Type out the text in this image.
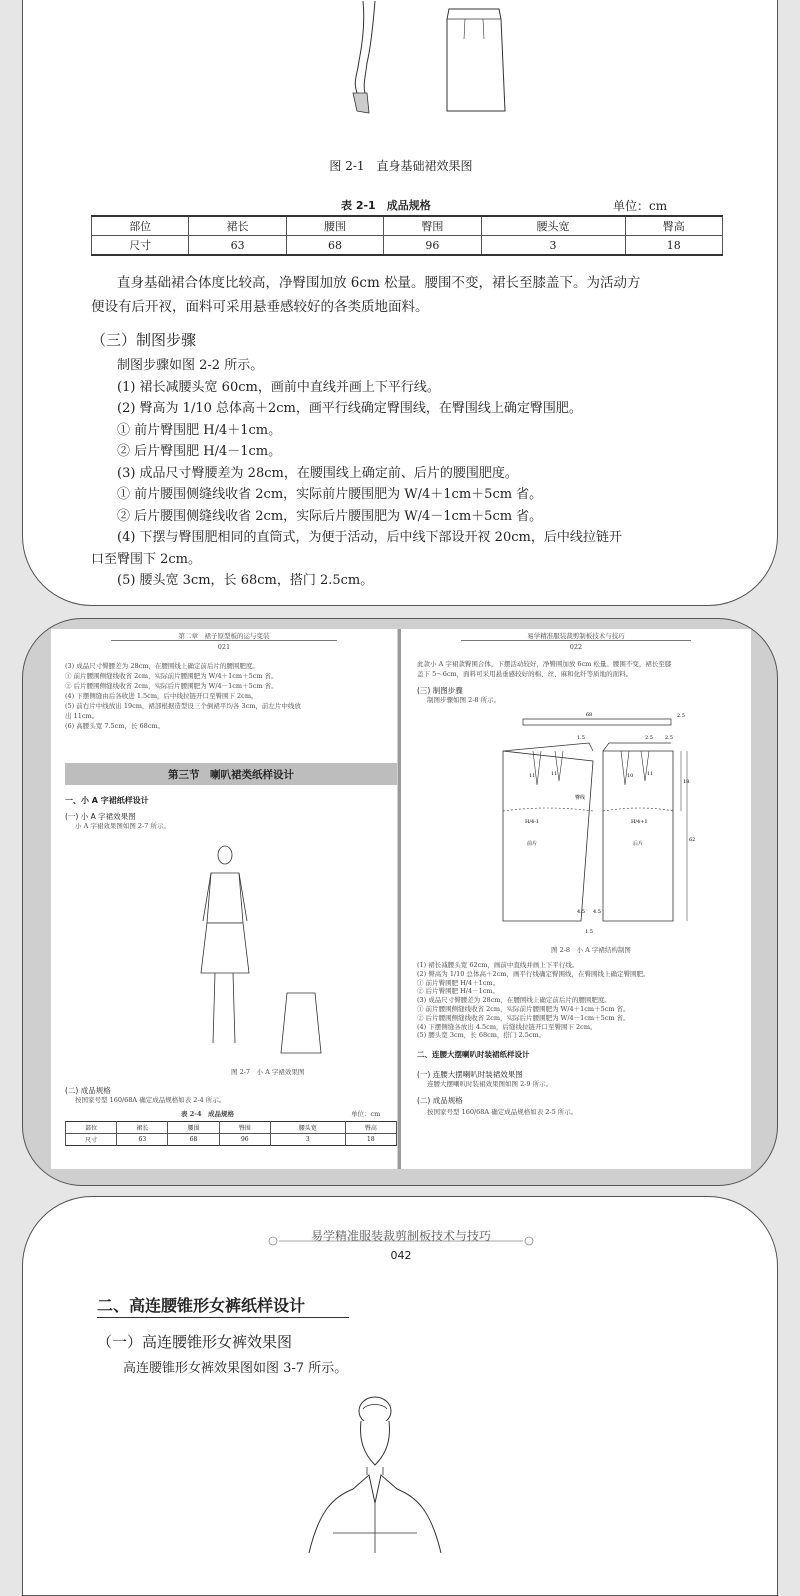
图 2-1　直身基础裙效果图
表 2-1　成品规格	单位：cm
部位	裙长	腰围	臀围	腰头宽	臀高
尺寸	63	68	96	3	18
直身基础裙合体度比较高，净臀围加放 6cm 松量。腰围不变，裙长至膝盖下。为活动方
便设有后开衩，面料可采用悬垂感较好的各类质地面料。
（三）制图步骤
制图步骤如图 2-2 所示。
(1) 裙长减腰头宽 60cm，画前中直线并画上下平行线。
(2) 臀高为 1/10 总体高＋2cm，画平行线确定臀围线，在臀围线上确定臀围肥。
① 前片臀围肥 H/4＋1cm。
② 后片臀围肥 H/4－1cm。
(3) 成品尺寸臀腰差为 28cm，在腰围线上确定前、后片的腰围肥度。
① 前片腰围侧缝线收省 2cm，实际前片腰围肥为 W/4＋1cm＋5cm 省。
② 后片腰围侧缝线收省 2cm，实际后片腰围肥为 W/4－1cm＋5cm 省。
(4) 下摆与臀围肥相同的直筒式，为便于活动，后中线下部设开衩 20cm，后中线拉链开
口至臀围下 2cm。
(5) 腰头宽 3cm，长 68cm，搭门 2.5cm。
第二章　裙子原型板的运与变装
021
(3) 成品尺寸臀腰差为 28cm，在腰围线上确定前后片的腰围肥度。
① 前片腰围侧缝线收省 2cm，实际前片腰围肥为 W/4＋1cm＋5cm 省。
② 后片腰围侧缝线收省 2cm，实际后片腰围肥为 W/4－1cm＋5cm 省。
(4) 下摆侧缝由后各收进 1.5cm，后中线拉链开口至臀围下 2cm。
(5) 前右片中线放出 19cm，裙部根据造型设三个倒裙平均各 3cm，前左片中线放
出 11cm。
(6) 高腰头宽 7.5cm，长 68cm。
第三节　喇叭裙类纸样设计
一、小 A 字裙纸样设计
(一) 小 A 字裙效果图
小 A 字裙效果图如图 2-7 所示。
图 2-7　小 A 字裙效果图
(二) 成品规格
按国家号型 160/68A 确定成品规格如表 2-4 所示。
表 2-4　成品规格	单位：cm
部位	裙长	腰围	臀围	腰头宽	臀高
尺寸	63	68	96	3	18
易学精准服装裁剪制板技术与技巧
022
此款小 A 字裙款臀围合体，下摆活动较好，净臀围加放 6cm 松量。腰围不变，裙长至膝
盖下 5～6cm，面料可采用悬垂感较好的棉、丝、麻和化纤等质地的面料。
(三) 制图步骤
制图步骤如图 2-8 所示。
68	2.5
2.5 2.5
1.5
11	11	10	11
18
62
4.5 4.5
H/4-1	H/4+1
前片	后片
臀线
1.5
图 2-8　小 A 字裙结构制图
(1) 裙长减腰头宽 62cm，画前中直线并画上下平行线。
(2) 臀高为 1/10 总体高＋2cm，画平行线确定臀围线，在臀围线上确定臀围肥。
① 前片臀围肥 H/4＋1cm。
② 后片臀围肥 H/4－1cm。
(3) 成品尺寸臀腰差为 28cm，在腰围线上确定前后片的腰围肥度。
① 前片腰围侧缝线收省 2cm，实际前片腰围肥为 W/4＋1cm＋5cm 省。
② 后片腰围侧缝线收省 2cm，实际后片腰围肥为 W/4－1cm＋5cm 省。
(4) 下摆侧缝各放出 4.5cm，后缝线拉链开口至臀围下 2cm。
(5) 腰头宽 3cm，长 68cm，搭门 2.5cm。
二、连腰大摆喇叭时装裙纸样设计
(一) 连腰大摆喇叭时装裙效果图
连腰大摆喇叭时装裙效果图如图 2-9 所示。
(二) 成品规格
按国家号型 160/68A 确定成品规格如表 2-5 所示。
易学精准服装裁剪制板技术与技巧
042
二、高连腰锥形女裤纸样设计
（一）高连腰锥形女裤效果图
高连腰锥形女裤效果图如图 3-7 所示。
